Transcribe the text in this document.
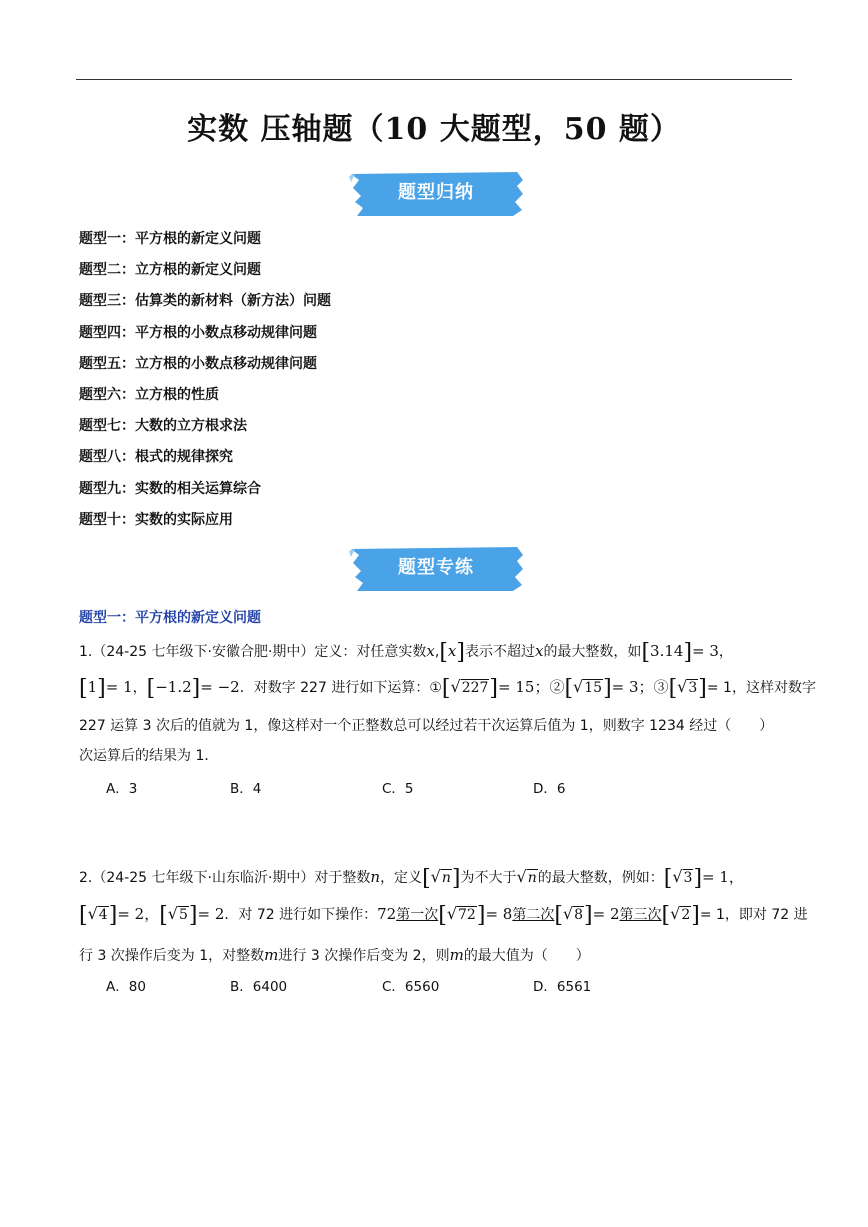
实数 压轴题（10 大题型，50 题）
题型归纳
题型一：平方根的新定义问题
题型二：立方根的新定义问题
题型三：估算类的新材料（新方法）问题
题型四：平方根的小数点移动规律问题
题型五：立方根的小数点移动规律问题
题型六：立方根的性质
题型七：大数的立方根求法
题型八：根式的规律探究
题型九：实数的相关运算综合
题型十：实数的实际应用
题型专练
题型一：平方根的新定义问题
1.（24-25 七年级下·安徽合肥·期中）定义：对任意实数x,[x]表示不超过x的最大整数，如[3.14]= 3，
[1]= 1，[−1.2]= −2．对数字 227 进行如下运算：①[√227]= 15；②[√15]= 3；③[√3]= 1，这样对数字
227 运算 3 次后的值就为 1，像这样对一个正整数总可以经过若干次运算后值为 1，则数字 1234 经过（　　）
次运算后的结果为 1．
A．3	B．4	C．5	D．6
2.（24-25 七年级下·山东临沂·期中）对于整数n，定义[√n]为不大于√n的最大整数，例如：[√3]= 1，
[√4]= 2，[√5]= 2．对 72 进行如下操作：72第一次[√72]= 8第二次[√8]= 2第三次[√2]= 1，即对 72 进
行 3 次操作后变为 1，对整数m进行 3 次操作后变为 2，则m的最大值为（　　）
A．80	B．6400	C．6560	D．6561
